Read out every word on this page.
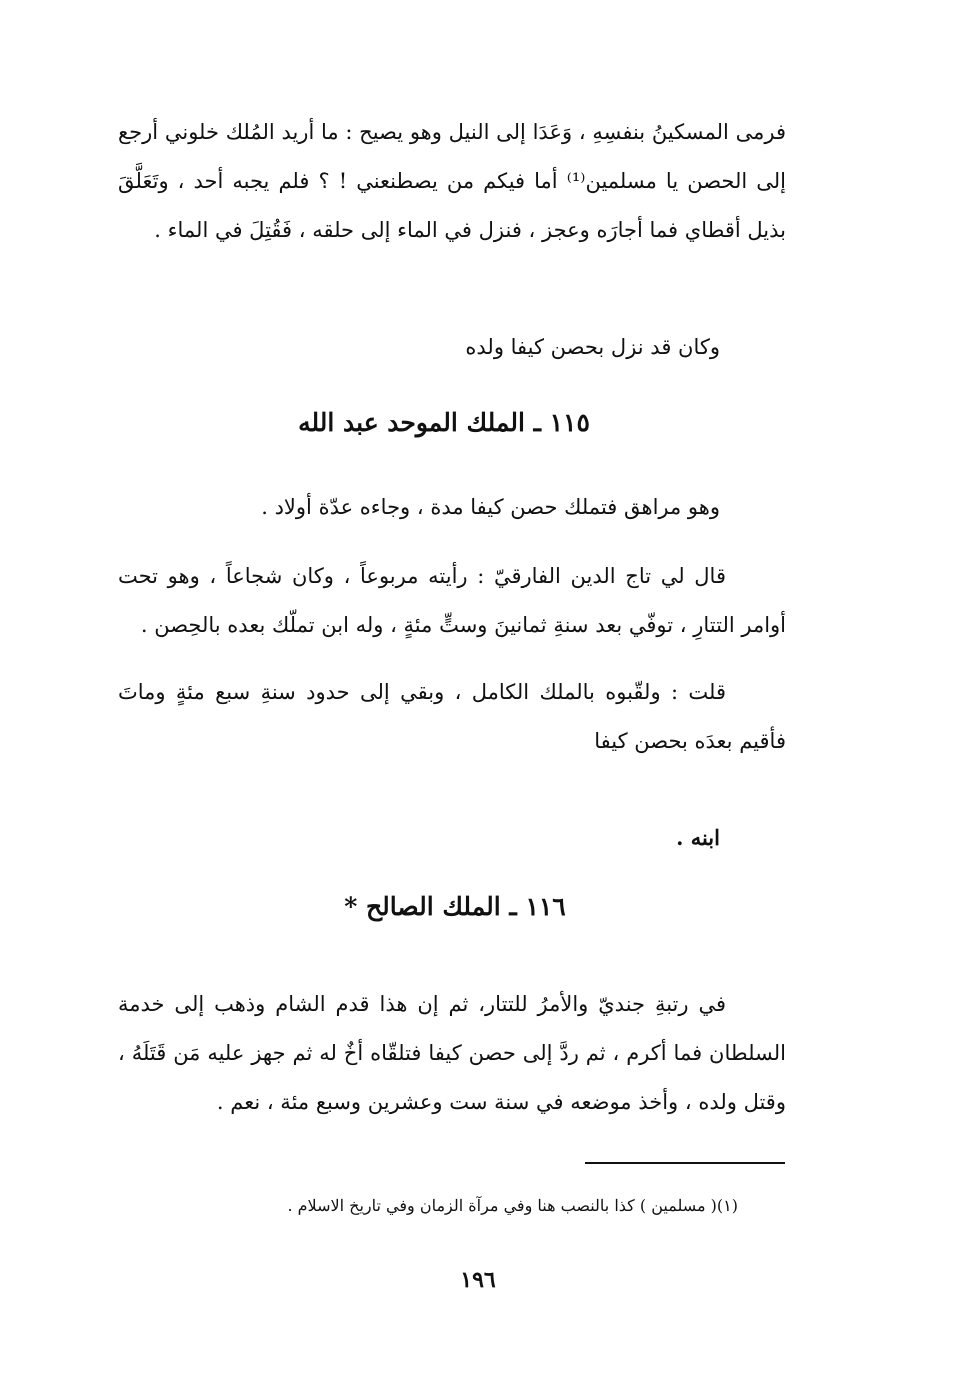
فرمى المسكينُ بنفسِهِ ، وَعَدَا إلى النيل وهو يصيح : ما أريد المُلك خلوني أرجع إلى الحصن يا مسلمين⁽¹⁾ أما فيكم من يصطنعني ! ؟ فلم يجبه أحد ، وتَعَلَّقَ بذيل أقطاي فما أجارَه وعجز ، فنزل في الماء إلى حلقه ، فَقُتِلَ في الماء .
وكان قد نزل بحصن كيفا ولده
١١٥ ـ الملك الموحد عبد الله
وهو مراهق فتملك حصن كيفا مدة ، وجاءه عدّة أولاد .
قال لي تاج الدين الفارقيّ : رأيته مربوعاً ، وكان شجاعاً ، وهو تحت أوامر التتارِ ، توفّي بعد سنةِ ثمانينَ وستٍّ مئةٍ ، وله ابن تملّك بعده بالحِصن .
قلت : ولقّبوه بالملك الكامل ، وبقي إلى حدود سنةِ سبع مئةٍ وماتَ فأقيم بعدَه بحصن كيفا
ابنه .
١١٦ ـ الملك الصالح *
في رتبةِ جنديّ والأمرُ للتتار، ثم إن هذا قدم الشام وذهب إلى خدمة السلطان فما أكرم ، ثم ردَّ إلى حصن كيفا فتلقّاه أخٌ له ثم جهز عليه مَن قَتَلَهُ ، وقتل ولده ، وأخذ موضعه في سنة ست وعشرين وسبع مئة ، نعم .
(١)( مسلمين ) كذا بالنصب هنا وفي مرآة الزمان وفي تاريخ الاسلام .
١٩٦
